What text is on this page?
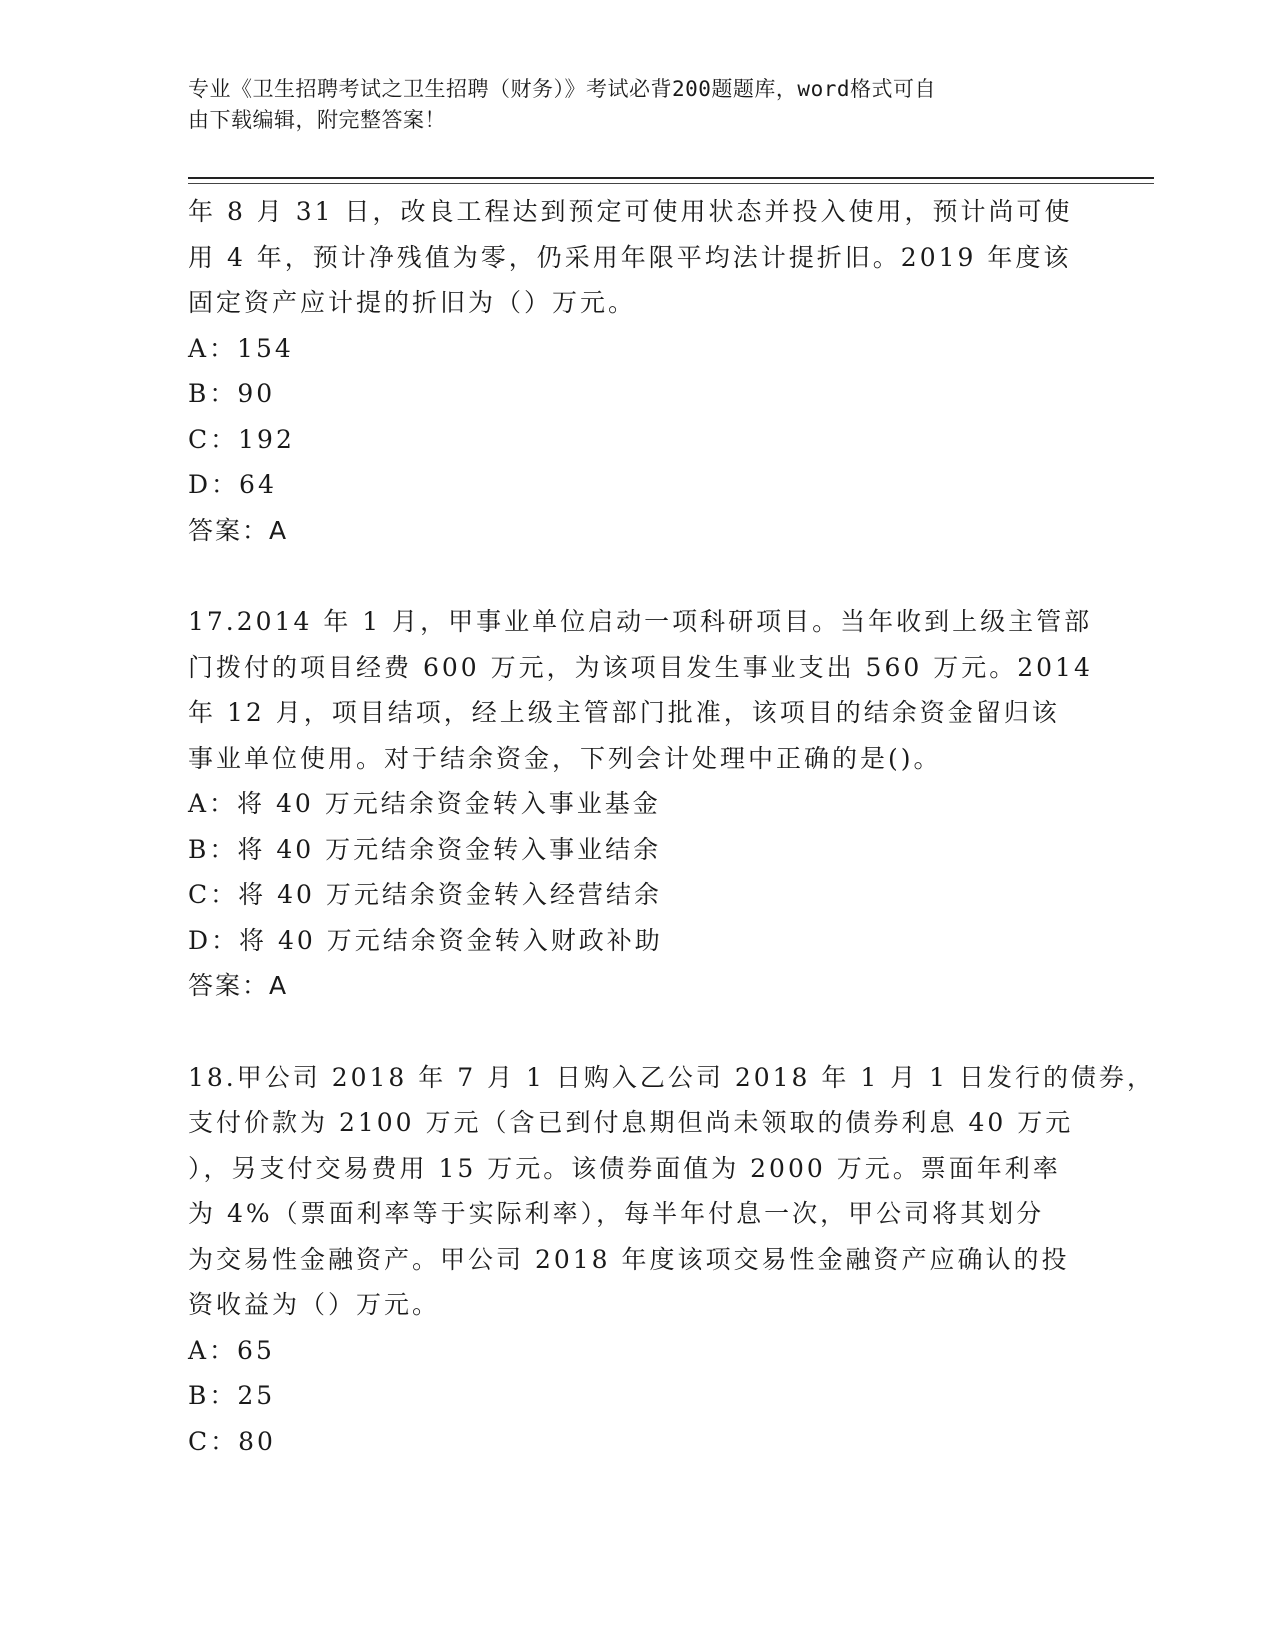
专业《卫生招聘考试之卫生招聘（财务）》考试必背200题题库，word格式可自
由下载编辑，附完整答案！
年 8 月 31 日，改良工程达到预定可使用状态并投入使用，预计尚可使
用 4 年，预计净残值为零，仍采用年限平均法计提折旧。2019 年度该
固定资产应计提的折旧为（）万元。
A：154
B：90
C：192
D：64
答案：A
17.2014 年 1 月，甲事业单位启动一项科研项目。当年收到上级主管部
门拨付的项目经费 600 万元，为该项目发生事业支出 560 万元。2014
年 12 月，项目结项，经上级主管部门批准，该项目的结余资金留归该
事业单位使用。对于结余资金，下列会计处理中正确的是()。
A：将 40 万元结余资金转入事业基金
B：将 40 万元结余资金转入事业结余
C：将 40 万元结余资金转入经营结余
D：将 40 万元结余资金转入财政补助
答案：A
18.甲公司 2018 年 7 月 1 日购入乙公司 2018 年 1 月 1 日发行的债券，
支付价款为 2100 万元（含已到付息期但尚未领取的债券利息 40 万元
），另支付交易费用 15 万元。该债券面值为 2000 万元。票面年利率
为 4%（票面利率等于实际利率），每半年付息一次，甲公司将其划分
为交易性金融资产。甲公司 2018 年度该项交易性金融资产应确认的投
资收益为（）万元。
A：65
B：25
C：80
